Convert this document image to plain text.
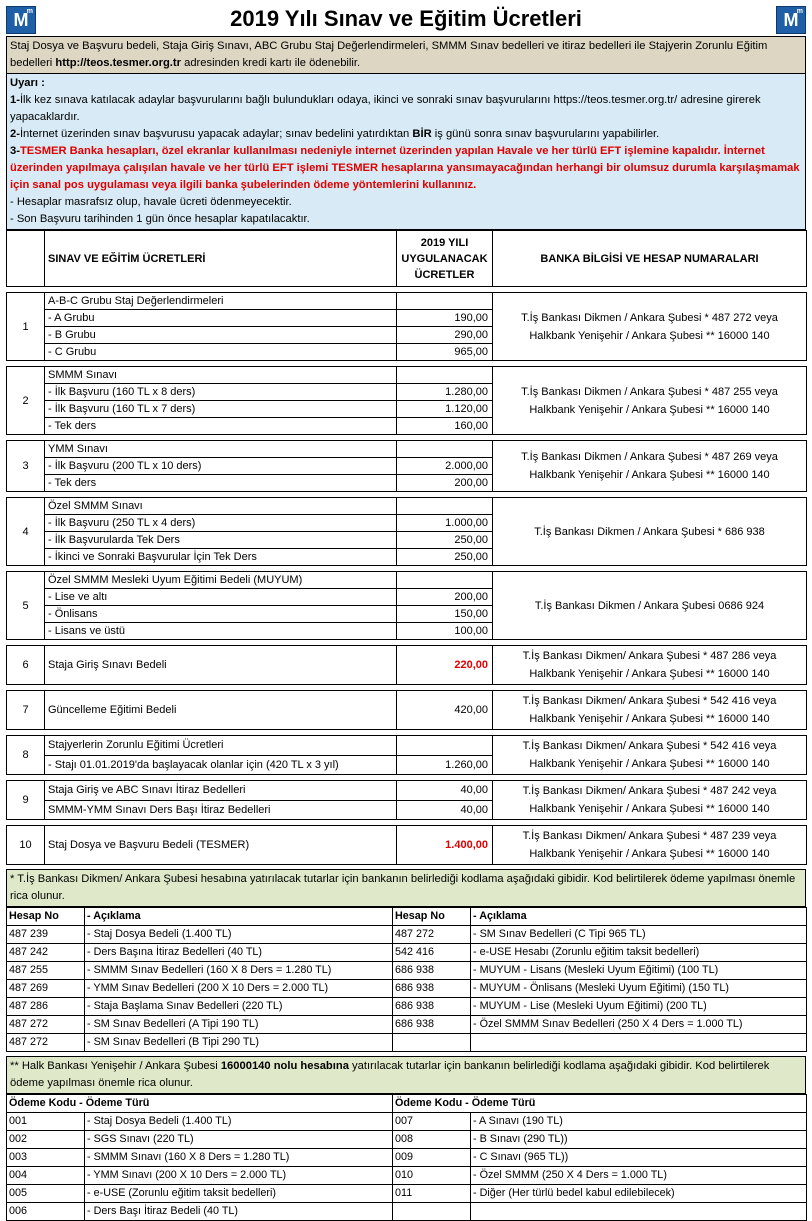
M
m	2019 Yılı Sınav ve Eğitim Ücretleri	M
m
Staj Dosya ve Başvuru bedeli, Staja Giriş Sınavı, ABC Grubu Staj Değerlendirmeleri, SMMM Sınav bedelleri ve itiraz bedelleri ile Stajyerin Zorunlu Eğitim bedelleri http://teos.tesmer.org.tr adresinden kredi kartı ile ödenebilir.
Uyarı :
1-İlk kez sınava katılacak adaylar başvurularını bağlı bulundukları odaya, ikinci ve sonraki sınav başvurularını https://teos.tesmer.org.tr/ adresine girerek yapacaklardır.
2-İnternet üzerinden sınav başvurusu yapacak adaylar; sınav bedelini yatırdıktan BİR iş günü sonra sınav başvurularını yapabilirler.
3-TESMER Banka hesapları, özel ekranlar kullanılması nedeniyle internet üzerinden yapılan Havale ve her türlü EFT işlemine kapalıdır. İnternet üzerinden yapılmaya çalışılan havale ve her türlü EFT işlemi TESMER hesaplarına yansımayacağından herhangi bir olumsuz durumla karşılaşmamak için sanal pos uygulaması veya ilgili banka şubelerinden ödeme yöntemlerini kullanınız.
- Hesaplar masrafsız olup, havale ücreti ödenmeyecektir.
- Son Başvuru tarihinden 1 gün önce hesaplar kapatılacaktır.
	SINAV VE EĞİTİM ÜCRETLERİ	2019 YILI UYGULANACAK ÜCRETLER	BANKA BİLGİSİ VE HESAP NUMARALARI

1	A-B-C Grubu Staj Değerlendirmeleri		T.İş Bankası Dikmen / Ankara Şubesi * 487 272 veya
Halkbank Yenişehir / Ankara Şubesi ** 16000 140

	- A Grubu	190,00	
	- B Grubu	290,00	
	- C Grubu	965,00	

2	SMMM Sınavı		T.İş Bankası Dikmen / Ankara Şubesi * 487 255 veya
Halkbank Yenişehir / Ankara Şubesi ** 16000 140

	- İlk Başvuru (160 TL x 8 ders)	1.280,00	
	- İlk Başvuru (160 TL x 7 ders)	1.120,00	
	- Tek ders	160,00	

3	YMM Sınavı		T.İş Bankası Dikmen / Ankara Şubesi * 487 269 veya
Halkbank Yenişehir / Ankara Şubesi ** 16000 140

	- İlk Başvuru (200 TL x 10 ders)	2.000,00	
	- Tek ders	200,00	

4	Özel SMMM Sınavı		T.İş Bankası Dikmen / Ankara Şubesi * 686 938

	- İlk Başvuru (250 TL x 4 ders)	1.000,00	
	- İlk Başvurularda Tek Ders	250,00	
	- İkinci ve Sonraki Başvurular İçin Tek Ders	250,00	

5	Özel SMMM Mesleki Uyum Eğitimi Bedeli (MUYUM)		T.İş Bankası Dikmen / Ankara Şubesi 0686 924

	- Lise ve altı	200,00	
	- Önlisans	150,00	
	- Lisans ve üstü	100,00	

6	Staja Giriş Sınavı Bedeli	220,00	T.İş Bankası Dikmen/ Ankara Şubesi * 487 286 veya
Halkbank Yenişehir / Ankara Şubesi ** 16000 140

7	Güncelleme Eğitimi Bedeli	420,00	T.İş Bankası Dikmen/ Ankara Şubesi * 542 416 veya
Halkbank Yenişehir / Ankara Şubesi ** 16000 140

8	Stajyerlerin Zorunlu Eğitimi Ücretleri		T.İş Bankası Dikmen/ Ankara Şubesi * 542 416 veya
Halkbank Yenişehir / Ankara Şubesi ** 16000 140

	- Stajı 01.01.2019'da başlayacak olanlar için (420 TL x 3 yıl)	1.260,00	

9	Staja Giriş ve ABC Sınavı İtiraz Bedelleri	40,00	T.İş Bankası Dikmen/ Ankara Şubesi * 487 242 veya
Halkbank Yenişehir / Ankara Şubesi ** 16000 140

	SMMM-YMM Sınavı Ders Başı İtiraz Bedelleri	40,00	

10	Staj Dosya ve Başvuru Bedeli (TESMER)	1.400,00	T.İş Bankası Dikmen/ Ankara Şubesi * 487 239 veya
Halkbank Yenişehir / Ankara Şubesi ** 16000 140
* T.İş Bankası Dikmen/ Ankara Şubesi hesabına yatırılacak tutarlar için bankanın belirlediği kodlama aşağıdaki gibidir. Kod belirtilerek ödeme yapılması önemle rica olunur.
Hesap No	- Açıklama	Hesap No	- Açıklama
487 239	- Staj Dosya Bedeli (1.400 TL)	487 272	- SM Sınav Bedelleri (C Tipi 965 TL)
487 242	- Ders Başına İtiraz Bedelleri (40 TL)	542 416	- e-USE Hesabı (Zorunlu eğitim taksit bedelleri)
487 255	- SMMM Sınav Bedelleri (160 X 8 Ders = 1.280 TL)	686 938	- MUYUM - Lisans (Mesleki Uyum Eğitimi) (100 TL)
487 269	- YMM Sınav Bedelleri (200 X 10 Ders = 2.000 TL)	686 938	- MUYUM - Önlisans (Mesleki Uyum Eğitimi) (150 TL)
487 286	- Staja Başlama Sınav Bedelleri (220 TL)	686 938	- MUYUM - Lise (Mesleki Uyum Eğitimi) (200 TL)
487 272	- SM Sınav Bedelleri (A Tipi 190 TL)	686 938	- Özel SMMM Sınav Bedelleri (250 X 4 Ders = 1.000 TL)
487 272	- SM Sınav Bedelleri (B Tipi 290 TL)		
** Halk Bankası Yenişehir / Ankara Şubesi 16000140 nolu hesabına yatırılacak tutarlar için bankanın belirlediği kodlama aşağıdaki gibidir. Kod belirtilerek ödeme yapılması önemle rica olunur.
Ödeme Kodu - Ödeme Türü		Ödeme Kodu - Ödeme Türü	
001	- Staj Dosya Bedeli (1.400 TL)	007	- A Sınavı (190 TL)
002	- SGS Sınavı (220 TL)	008	- B Sınavı (290 TL))
003	- SMMM Sınavı (160 X 8 Ders = 1.280 TL)	009	- C Sınavı (965 TL))
004	- YMM Sınavı (200 X 10 Ders = 2.000 TL)	010	- Özel SMMM (250 X 4 Ders = 1.000 TL)
005	- e-USE (Zorunlu eğitim taksit bedelleri)	011	- Diğer (Her türlü bedel kabul edilebilecek)
006	- Ders Başı İtiraz Bedeli (40 TL)		
